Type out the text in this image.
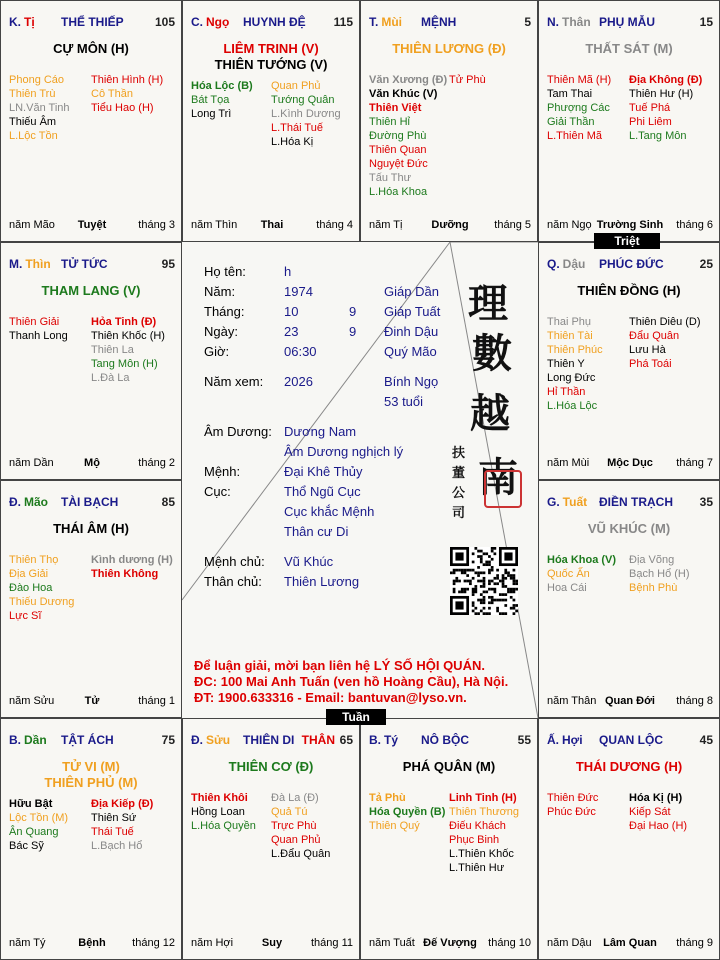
K. Tị THỂ THIẾP	105
CỰ MÔN (H)
Phong Cáo
Thiên Trù
LN.Văn Tinh
Thiếu Âm
L.Lộc Tồn
Thiên Hình (H)
Cô Thần
Tiểu Hao (H)
năm Mão	Tuyệt	tháng 3
C. Ngọ HUYNH ĐỆ 115
LIÊM TRINH (V)
THIÊN TƯỚNG (V)
Hóa Lộc (B)
Bát Tọa
Long Trì
Quan Phủ
Tướng Quân
L.Kình Dương
L.Thái Tuế
L.Hóa Kị
năm Thìn	Thai	tháng 4
T. Mùi MỆNH	5
THIÊN LƯƠNG (Đ)
Văn Xương (Đ)
Văn Khúc (V)
Thiên Việt
Thiên Hỉ
Đường Phù
Thiên Quan
Nguyệt Đức
Tấu Thư
L.Hóa Khoa
Tử Phù
năm Tị	Dưỡng	tháng 5
N. Thân PHỤ MẪU	15
THẤT SÁT (M)
Thiên Mã (H)
Tam Thai
Phượng Các
Giải Thần
L.Thiên Mã
Địa Không (Đ)
Thiên Hư (H)
Tuế Phá
Phi Liêm
L.Tang Môn
năm Ngọ Trường Sinh	tháng 6
M. Thìn TỬ TỨC	95
THAM LANG (V)
Thiên Giải
Thanh Long
Hỏa Tinh (Đ)
Thiên Khốc (H)
Thiên La
Tang Môn (H)
L.Đà La
năm Dần	Mộ	tháng 2
Q. Dậu PHÚC ĐỨC	25
THIÊN ĐỒNG (H)
Thai Phụ
Thiên Tài
Thiên Phúc
Thiên Y
Long Đức
Hỉ Thần
L.Hóa Lộc
Thiên Diêu (D)
Đẩu Quân
Lưu Hà
Phá Toái
năm Mùi	Mộc Dục	tháng 7
Đ. Mão TÀI BẠCH	85
THÁI ÂM (H)
Thiên Thọ
Địa Giải
Đào Hoa
Thiếu Dương
Lực Sĩ
Kình dương (H)
Thiên Không
năm Sửu	Tử	tháng 1
G. Tuất ĐIỀN TRẠCH 35
VŨ KHÚC (M)
Hóa Khoa (V)
Quốc Ấn
Hoa Cái
Địa Võng
Bạch Hổ (H)
Bệnh Phù
năm Thân Quan Đới	tháng 8
B. Dần TẬT ÁCH	75
TỬ VI (M)
THIÊN PHỦ (M)
Hữu Bật
Lộc Tồn (M)
Ân Quang
Bác Sỹ
Địa Kiếp (Đ)
Thiên Sứ
Thái Tuế
L.Bạch Hổ
năm Tý	Bệnh	tháng 12
Đ. Sửu THIÊN DI THÂN 65
THIÊN CƠ (Đ)
Thiên Khôi
Hồng Loan
L.Hóa Quyền
Đà La (Đ)
Quả Tú
Trực Phù
Quan Phủ
L.Đẩu Quân
năm Hợi	Suy	tháng 11
B. Tý NÔ BỘC	55
PHÁ QUÂN (M)
Tả Phù
Hóa Quyền (B)
Thiên Quý
Linh Tinh (H)
Thiên Thương
Điếu Khách
Phục Binh
L.Thiên Khốc
L.Thiên Hư
năm Tuất Đế Vượng	tháng 10
Ấ. Hợi QUAN LỘC	45
THÁI DƯƠNG (H)
Thiên Đức
Phúc Đức
Hóa Kị (H)
Kiếp Sát
Đại Hao (H)
năm Dậu	Lâm Quan	tháng 9
Họ tên:	h
Năm:	1974	Giáp Dần
Tháng:	10	9 Giáp Tuất
Ngày:	23	9 Đinh Dậu
Giờ:	06:30	Quý Mão
Năm xem: 2026	Bính Ngọ
53 tuổi
Âm Dương: Dương Nam
Âm Dương nghịch lý
Mệnh:	Đại Khê Thủy
Cục:	Thổ Ngũ Cục
Cục khắc Mệnh
Thân cư Di
Mệnh chủ: Vũ Khúc
Thân chủ: Thiên Lương
理
數
越
南
扶
董
公
司
Để luận giải, mời bạn liên hệ LÝ SỐ HỘI QUÁN.
ĐC: 100 Mai Anh Tuấn (ven hồ Hoàng Cầu), Hà Nội.
ĐT: 1900.633316 - Email: bantuvan@lyso.vn.
Triệt
Tuần
